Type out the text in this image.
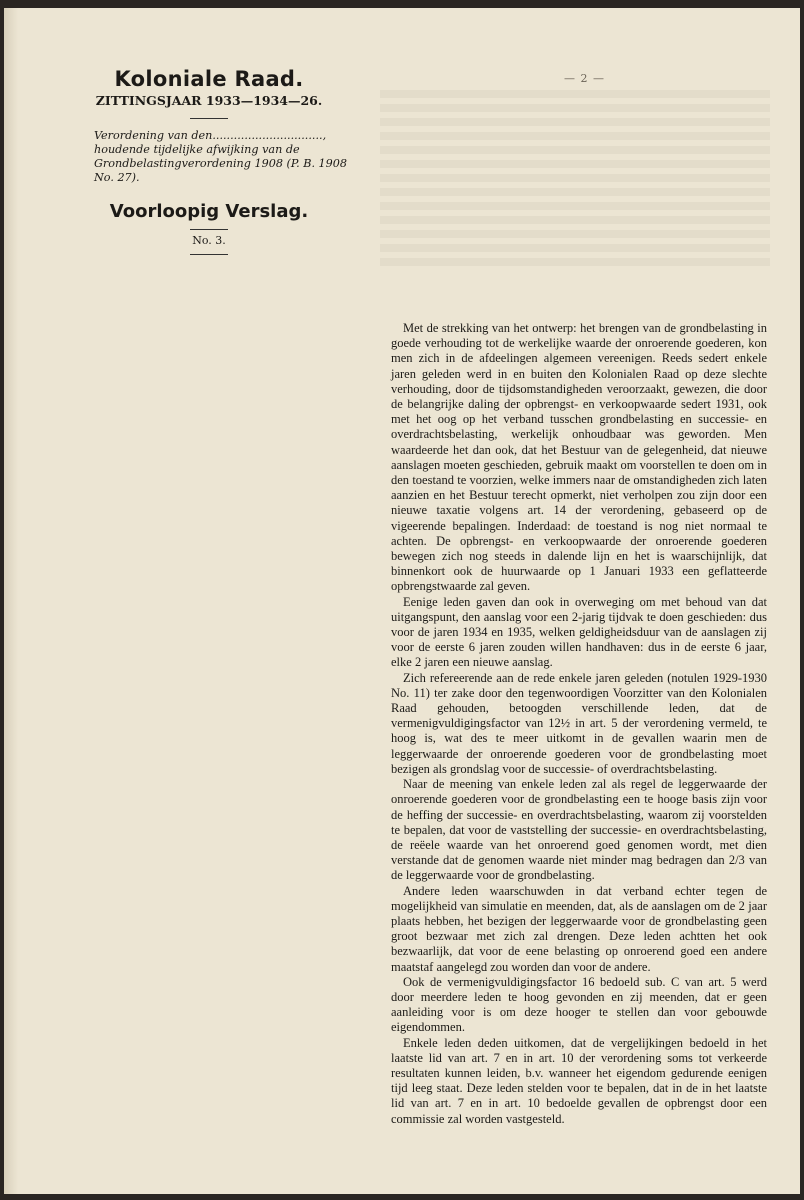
— 2 —

Koloniale Raad.

ZITTINGSJAAR 1933—1934—26.

Verordening van den..............................., houdende tijdelijke afwijking van de Grondbelastingverordening 1908 (P. B. 1908 No. 27).

Voorloopig Verslag.

No. 3.

Met de strekking van het ontwerp: het brengen van de grondbelasting in goede verhouding tot de werkelijke waarde der onroerende goederen, kon men zich in de afdeelingen algemeen vereenigen. Reeds sedert enkele jaren geleden werd in en buiten den Kolonialen Raad op deze slechte verhouding, door de tijdsomstandigheden veroorzaakt, gewezen, die door de belangrijke daling der opbrengst- en verkoopwaarde sedert 1931, ook met het oog op het verband tusschen grondbelasting en successie- en overdrachtsbelasting, werkelijk onhoudbaar was geworden. Men waardeerde het dan ook, dat het Bestuur van de gelegenheid, dat nieuwe aanslagen moeten geschieden, gebruik maakt om voorstellen te doen om in den toestand te voorzien, welke immers naar de omstandigheden zich laten aanzien en het Bestuur terecht opmerkt, niet verholpen zou zijn door een nieuwe taxatie volgens art. 14 der verordening, gebaseerd op de vigeerende bepalingen. Inderdaad: de toestand is nog niet normaal te achten. De opbrengst- en verkoopwaarde der onroerende goederen bewegen zich nog steeds in dalende lijn en het is waarschijnlijk, dat binnenkort ook de huurwaarde op 1 Januari 1933 een geflatteerde opbrengstwaarde zal geven.

Eenige leden gaven dan ook in overweging om met behoud van dat uitgangspunt, den aanslag voor een 2-jarig tijdvak te doen geschieden: dus voor de jaren 1934 en 1935, welken geldigheidsduur van de aanslagen zij voor de eerste 6 jaren zouden willen handhaven: dus in de eerste 6 jaar, elke 2 jaren een nieuwe aanslag.

Zich refereerende aan de rede enkele jaren geleden (notulen 1929-1930 No. 11) ter zake door den tegenwoordigen Voorzitter van den Kolonialen Raad gehouden, betoogden verschillende leden, dat de vermenigvuldigingsfactor van 12½ in art. 5 der verordening vermeld, te hoog is, wat des te meer uitkomt in de gevallen waarin men de leggerwaarde der onroerende goederen voor de grondbelasting moet bezigen als grondslag voor de successie- of overdrachtsbelasting.

Naar de meening van enkele leden zal als regel de leggerwaarde der onroerende goederen voor de grondbelasting een te hooge basis zijn voor de heffing der successie- en overdrachtsbelasting, waarom zij voorstelden te bepalen, dat voor de vaststelling der successie- en overdrachtsbelasting, de reëele waarde van het onroerend goed genomen wordt, met dien verstande dat de genomen waarde niet minder mag bedragen dan 2/3 van de leggerwaarde voor de grondbelasting.

Andere leden waarschuwden in dat verband echter tegen de mogelijkheid van simulatie en meenden, dat, als de aanslagen om de 2 jaar plaats hebben, het bezigen der leggerwaarde voor de grondbelasting geen groot bezwaar met zich zal drengen. Deze leden achtten het ook bezwaarlijk, dat voor de eene belasting op onroerend goed een andere maatstaf aangelegd zou worden dan voor de andere.

Ook de vermenigvuldigingsfactor 16 bedoeld sub. C van art. 5 werd door meerdere leden te hoog gevonden en zij meenden, dat er geen aanleiding voor is om deze hooger te stellen dan voor gebouwde eigendommen.

Enkele leden deden uitkomen, dat de vergelijkingen bedoeld in het laatste lid van art. 7 en in art. 10 der verordening soms tot verkeerde resultaten kunnen leiden, b.v. wanneer het eigendom gedurende eenigen tijd leeg staat. Deze leden stelden voor te bepalen, dat in de in het laatste lid van art. 7 en in art. 10 bedoelde gevallen de opbrengst door een commissie zal worden vastgesteld.
